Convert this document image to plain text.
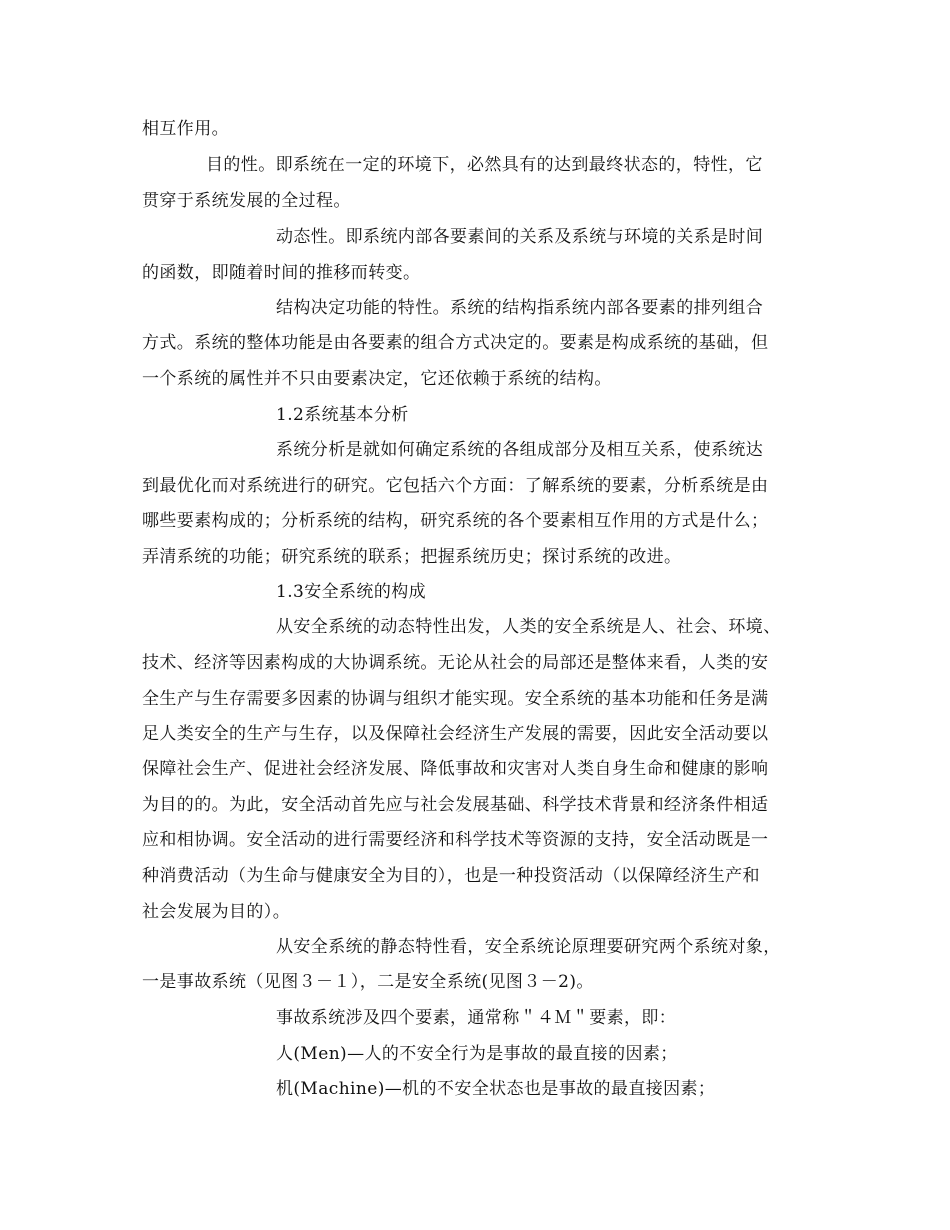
相互作用。
目的性。即系统在一定的环境下，必然具有的达到最终状态的，特性，它
贯穿于系统发展的全过程。
动态性。即系统内部各要素间的关系及系统与环境的关系是时间
的函数，即随着时间的推移而转变。
结构决定功能的特性。系统的结构指系统内部各要素的排列组合
方式。系统的整体功能是由各要素的组合方式决定的。要素是构成系统的基础，但
一个系统的属性并不只由要素决定，它还依赖于系统的结构。
1.2系统基本分析
系统分析是就如何确定系统的各组成部分及相互关系，使系统达
到最优化而对系统进行的研究。它包括六个方面：了解系统的要素，分析系统是由
哪些要素构成的；分析系统的结构，研究系统的各个要素相互作用的方式是什么；
弄清系统的功能；研究系统的联系；把握系统历史；探讨系统的改进。
1.3安全系统的构成
从安全系统的动态特性出发，人类的安全系统是人、社会、环境、
技术、经济等因素构成的大协调系统。无论从社会的局部还是整体来看，人类的安
全生产与生存需要多因素的协调与组织才能实现。安全系统的基本功能和任务是满
足人类安全的生产与生存，以及保障社会经济生产发展的需要，因此安全活动要以
保障社会生产、促进社会经济发展、降低事故和灾害对人类自身生命和健康的影响
为目的的。为此，安全活动首先应与社会发展基础、科学技术背景和经济条件相适
应和相协调。安全活动的进行需要经济和科学技术等资源的支持，安全活动既是一
种消费活动（为生命与健康安全为目的），也是一种投资活动（以保障经济生产和
社会发展为目的）。
从安全系统的静态特性看，安全系统论原理要研究两个系统对象，
一是事故系统（见图３－１），二是安全系统(见图３－2)。
事故系统涉及四个要素，通常称＂４Ｍ＂要素，即：
人(Men)—人的不安全行为是事故的最直接的因素；
机(Machine)—机的不安全状态也是事故的最直接因素；
